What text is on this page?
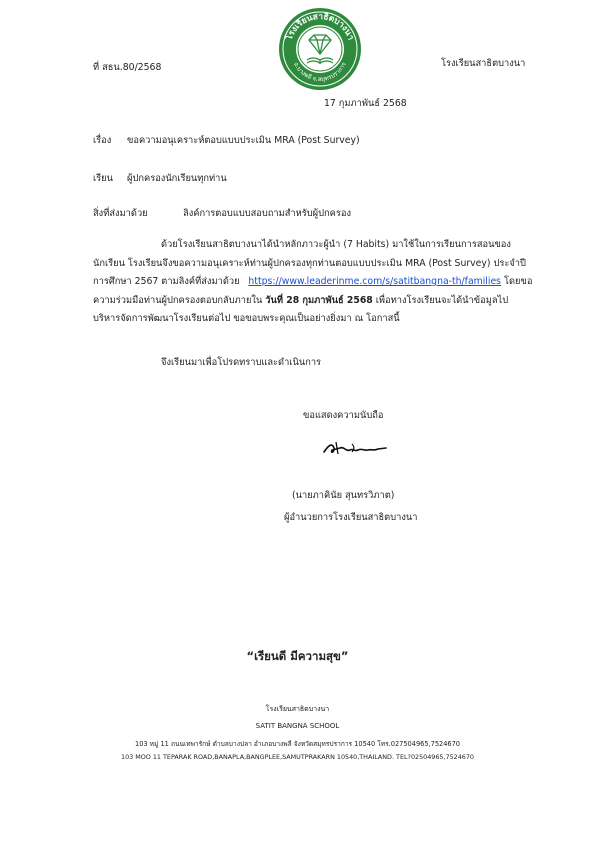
โรงเรียนสาธิตบางนา
อ.บางพลี จ.สมุทรปราการ
ที่ สธน.80/2568	โรงเรียนสาธิตบางนา
17 กุมภาพันธ์ 2568
เรื่อง ขอความอนุเคราะห์ตอบแบบประเมิน MRA (Post Survey)
เรียน ผู้ปกครองนักเรียนทุกท่าน
สิ่งที่ส่งมาด้วย	ลิงค์การตอบแบบสอบถามสำหรับผู้ปกครอง
ด้วยโรงเรียนสาธิตบางนาได้นำหลักภาวะผู้นำ (7 Habits) มาใช้ในการเรียนการสอนของ
นักเรียน โรงเรียนจึงขอความอนุเคราะห์ท่านผู้ปกครองทุกท่านตอบแบบประเมิน MRA (Post Survey) ประจำปี
การศึกษา 2567 ตามลิงค์ที่ส่งมาด้วย https://www.leaderinme.com/s/satitbangna-th/families โดยขอ
ความร่วมมือท่านผู้ปกครองตอบกลับภายใน วันที่ 28 กุมภาพันธ์ 2568 เพื่อทางโรงเรียนจะได้นำข้อมูลไป
บริหารจัดการพัฒนาโรงเรียนต่อไป ขอขอบพระคุณเป็นอย่างยิ่งมา ณ โอกาสนี้
จึงเรียนมาเพื่อโปรดทราบและดำเนินการ
ขอแสดงความนับถือ
(นายภาคินัย สุนทรวิภาต)
ผู้อำนวยการโรงเรียนสาธิตบางนา
“เรียนดี มีความสุข”
โรงเรียนสาธิตบางนา
SATIT BANGNA SCHOOL
103 หมู่ 11 ถนนเทพารักษ์ ตำบลบางปลา อำเภอบางพลี จังหวัดสมุทรปราการ 10540 โทร.027504965,7524670
103 MOO 11 TEPARAK ROAD,BANAPLA,BANGPLEE,SAMUTPRAKARN 10540,THAILAND. TEL?02504965,7524670
